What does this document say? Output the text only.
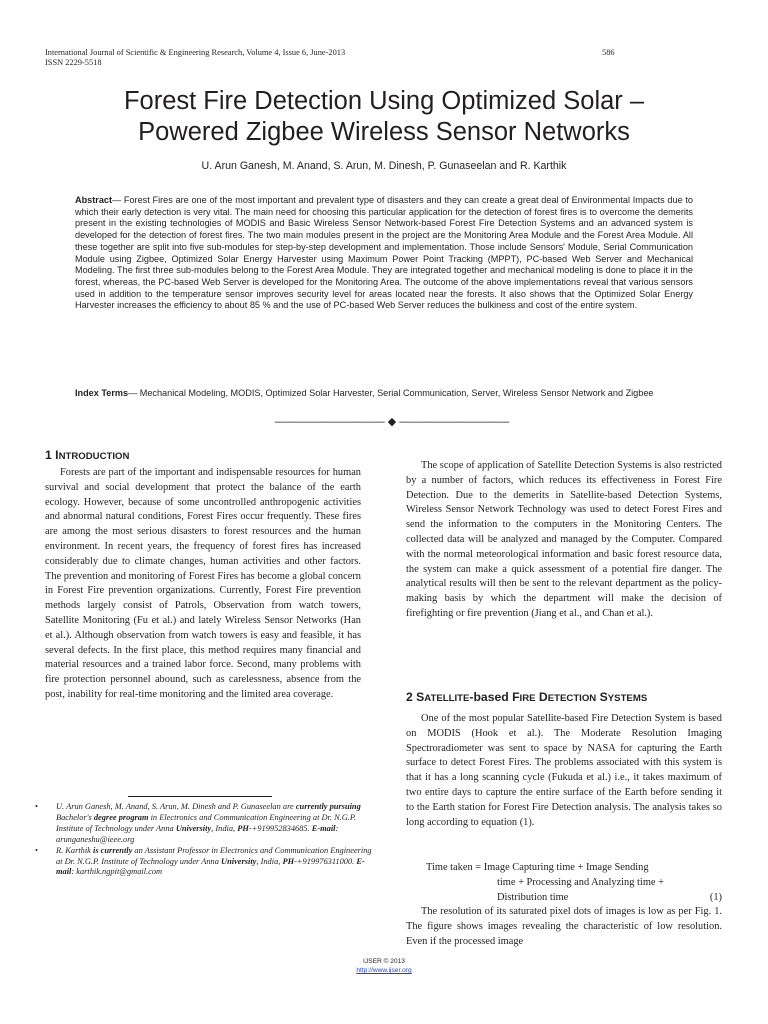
International Journal of Scientific & Engineering Research, Volume 4, Issue 6, June-2013
ISSN 2229-5518
586
Forest Fire Detection Using Optimized Solar –
Powered Zigbee Wireless Sensor Networks
U. Arun Ganesh, M. Anand, S. Arun, M. Dinesh, P. Gunaseelan and R. Karthik
Abstract— Forest Fires are one of the most important and prevalent type of disasters and they can create a great deal of Environmental Impacts due to which their early detection is very vital. The main need for choosing this particular application for the detection of forest fires is to overcome the demerits present in the existing technologies of MODIS and Basic Wireless Sensor Network-based Forest Fire Detection Systems and an advanced system is developed for the detection of forest fires. The two main modules present in the project are the Monitoring Area Module and the Forest Area Module. All these together are split into five sub-modules for step-by-step development and implementation. Those include Sensors' Module, Serial Communication Module using Zigbee, Optimized Solar Energy Harvester using Maximum Power Point Tracking (MPPT), PC-based Web Server and Mechanical Modeling. The first three sub-modules belong to the Forest Area Module. They are integrated together and mechanical modeling is done to place it in the forest, whereas, the PC-based Web Server is developed for the Monitoring Area. The outcome of the above implementations reveal that various sensors used in addition to the temperature sensor improves security level for areas located near the forests. It also shows that the Optimized Solar Energy Harvester increases the efficiency to about 85 % and the use of PC-based Web Server reduces the bulkiness and cost of the entire system.
Index Terms— Mechanical Modeling, MODIS, Optimized Solar Harvester, Serial Communication, Server, Wireless Sensor Network and Zigbee
—————————— ◆ ——————————
1 INTRODUCTION

Forests are part of the important and indispensable resources for human survival and social development that protect the balance of the earth ecology. However, because of some uncontrolled anthropogenic activities and abnormal natural conditions, Forest Fires occur frequently. These fires are among the most serious disasters to forest resources and the human environment. In recent years, the frequency of forest fires has increased considerably due to climate changes, human activities and other factors. The prevention and monitoring of Forest Fires has become a global concern in Forest Fire prevention organizations. Currently, Forest Fire prevention methods largely consist of Patrols, Observation from watch towers, Satellite Monitoring (Fu et al.) and lately Wireless Sensor Networks (Han et al.). Although observation from watch towers is easy and feasible, it has several defects. In the first place, this method requires many financial and material resources and a trained labor force. Second, many problems with fire protection personnel abound, such as carelessness, absence from the post, inability for real-time monitoring and the limited area coverage.

The scope of application of Satellite Detection Systems is also restricted by a number of factors, which reduces its effectiveness in Forest Fire Detection. Due to the demerits in Satellite-based Detection Systems, Wireless Sensor Network Technology was used to detect Forest Fires and send the information to the computers in the Monitoring Centers. The collected data will be analyzed and managed by the Computer. Compared with the normal meteorological information and basic forest resource data, the system can make a quick assessment of a potential fire danger. The analytical results will then be sent to the relevant department as the policy-making basis by which the department will make the decision of firefighting or fire prevention (Jiang et al., and Chan et al.).

2 SATELLITE-based FIRE DETECTION SYSTEMS

One of the most popular Satellite-based Fire Detection System is based on MODIS (Hook et al.). The Moderate Resolution Imaging Spectroradiometer was sent to space by NASA for capturing the Earth surface to detect Forest Fires. The problems associated with this system is that it has a long scanning cycle (Fukuda et al.) i.e., it takes maximum of two entire days to capture the entire surface of the Earth before sending it to the Earth station for Forest Fire Detection analysis. The analysis takes so long according to equation (1).

Time taken = Image Capturing time + Image Sending
time + Processing and Analyzing time +
Distribution time	(1)

The resolution of its saturated pixel dots of images is low as per Fig. 1. The figure shows images revealing the characteristic of low resolution. Even if the processed image

• U. Arun Ganesh, M. Anand, S. Arun, M. Dinesh and P. Gunaseelan are currently pursuing Bachelor's degree program in Electronics and Communication Engineering at Dr. N.G.P. Institute of Technology under Anna University, India, PH-+919952834685. E-mail: arunganeshu@ieee.org
• R. Karthik is currently an Assistant Professor in Electronics and Communication Engineering at Dr. N.G.P. Institute of Technology under Anna University, India, PH-+919976311000. E-mail: karthik.ngpit@gmail.com
IJSER © 2013
http://www.ijser.org
